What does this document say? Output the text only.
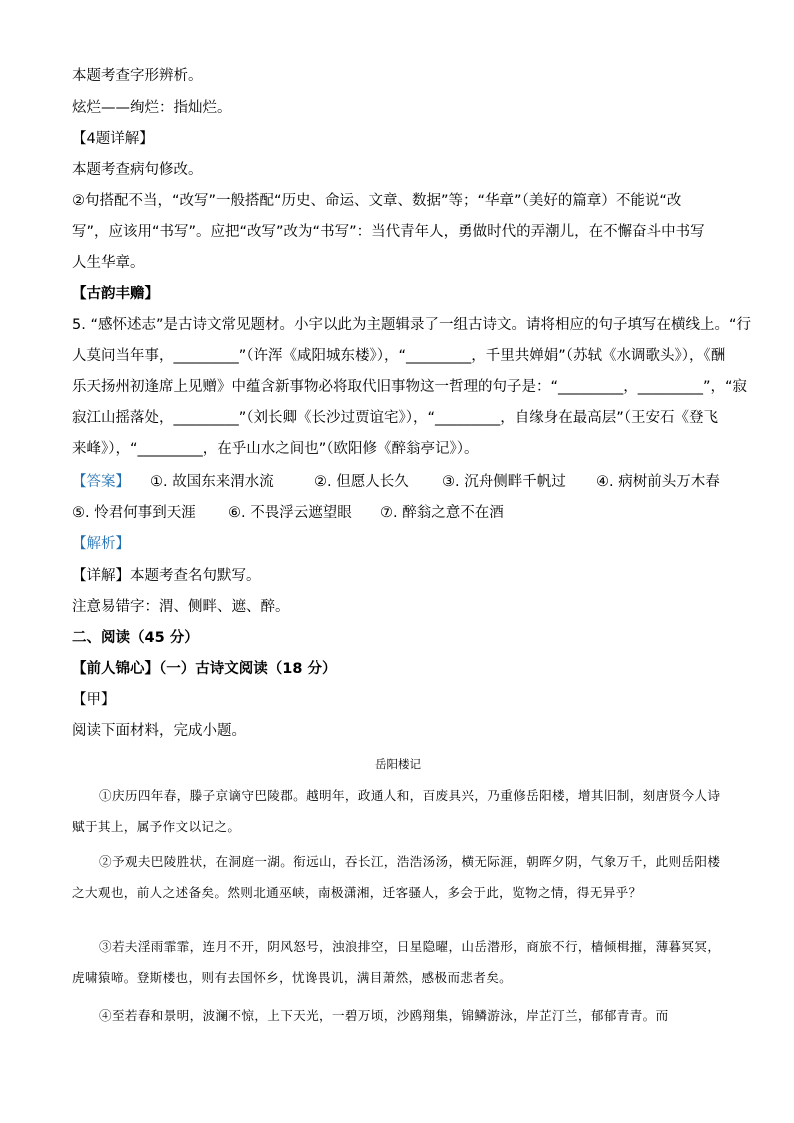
本题考查字形辨析。

炫烂——绚烂：指灿烂。

【4题详解】

本题考查病句修改。

②句搭配不当，“改写”一般搭配“历史、命运、文章、数据”等；“华章”（美好的篇章）不能说“改

写”，应该用“书写”。应把“改写”改为“书写”：当代青年人，勇做时代的弄潮儿，在不懈奋斗中书写

人生华章。

【古韵丰赡】

5. “感怀述志”是古诗文常见题材。小宇以此为主题辑录了一组古诗文。请将相应的句子填写在横线上。“行

人莫问当年事，_________”（许浑《咸阳城东楼》），“_________，千里共婵娟”（苏轼《水调歌头》），《酬

乐天扬州初逢席上见赠》中蕴含新事物必将取代旧事物这一哲理的句子是：“_________，_________”，“寂

寂江山摇落处，_________”（刘长卿《长沙过贾谊宅》），“_________，自缘身在最高层”（王安石《登飞

来峰》），“_________，在乎山水之间也”（欧阳修《醉翁亭记》）。

【答案】 ①. 故国东来渭水流	②. 但愿人长久 ③. 沉舟侧畔千帆过 ④. 病树前头万木春
⑤. 怜君何事到天涯 ⑥. 不畏浮云遮望眼 ⑦. 醉翁之意不在酒

【解析】

【详解】本题考查名句默写。

注意易错字：渭、侧畔、遮、醉。

二、阅读（45 分）

【前人锦心】（一）古诗文阅读（18 分）

【甲】

阅读下面材料，完成小题。

岳阳楼记

①庆历四年春，滕子京谪守巴陵郡。越明年，政通人和，百废具兴，乃重修岳阳楼，增其旧制，刻唐贤今人诗赋于其上，属予作文以记之。

②予观夫巴陵胜状，在洞庭一湖。衔远山，吞长江，浩浩汤汤，横无际涯，朝晖夕阴，气象万千，此则岳阳楼之大观也，前人之述备矣。然则北通巫峡，南极潇湘，迁客骚人，多会于此，览物之情，得无异乎？

③若夫淫雨霏霏，连月不开，阴风怒号，浊浪排空，日星隐曜，山岳潜形，商旅不行，樯倾楫摧，薄暮冥冥，虎啸猿啼。登斯楼也，则有去国怀乡，忧谗畏讥，满目萧然，感极而悲者矣。

④至若春和景明，波澜不惊，上下天光，一碧万顷，沙鸥翔集，锦鳞游泳，岸芷汀兰，郁郁青青。而
